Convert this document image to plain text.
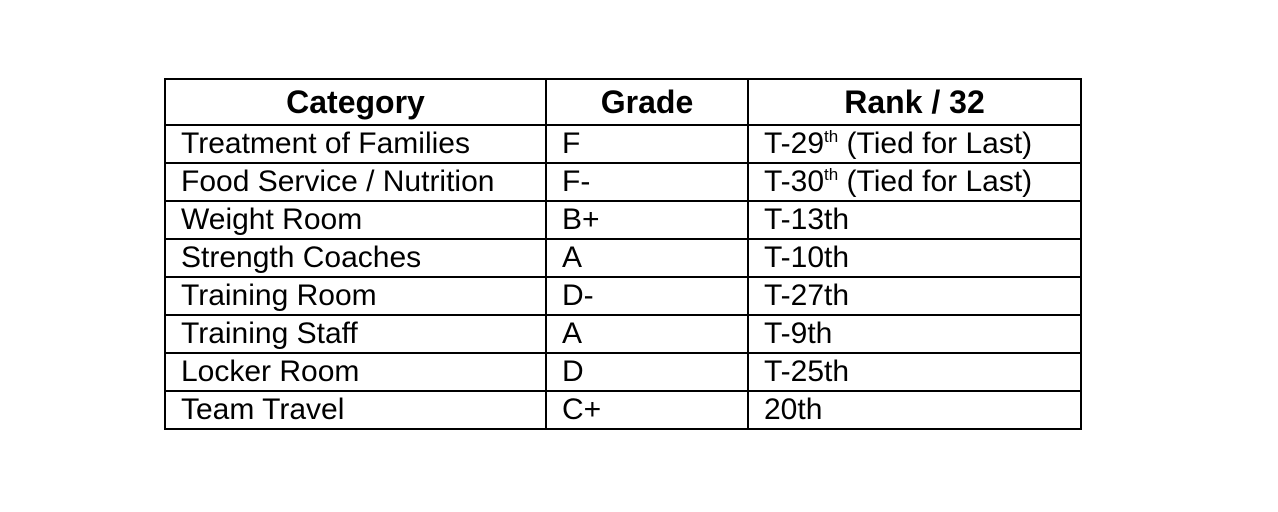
Category	Grade	Rank / 32
Treatment of Families	F	T-29th (Tied for Last)
Food Service / Nutrition	F-	T-30th (Tied for Last)
Weight Room	B+	T-13th
Strength Coaches	A	T-10th
Training Room	D-	T-27th
Training Staff	A	T-9th
Locker Room	D	T-25th
Team Travel	C+	20th
